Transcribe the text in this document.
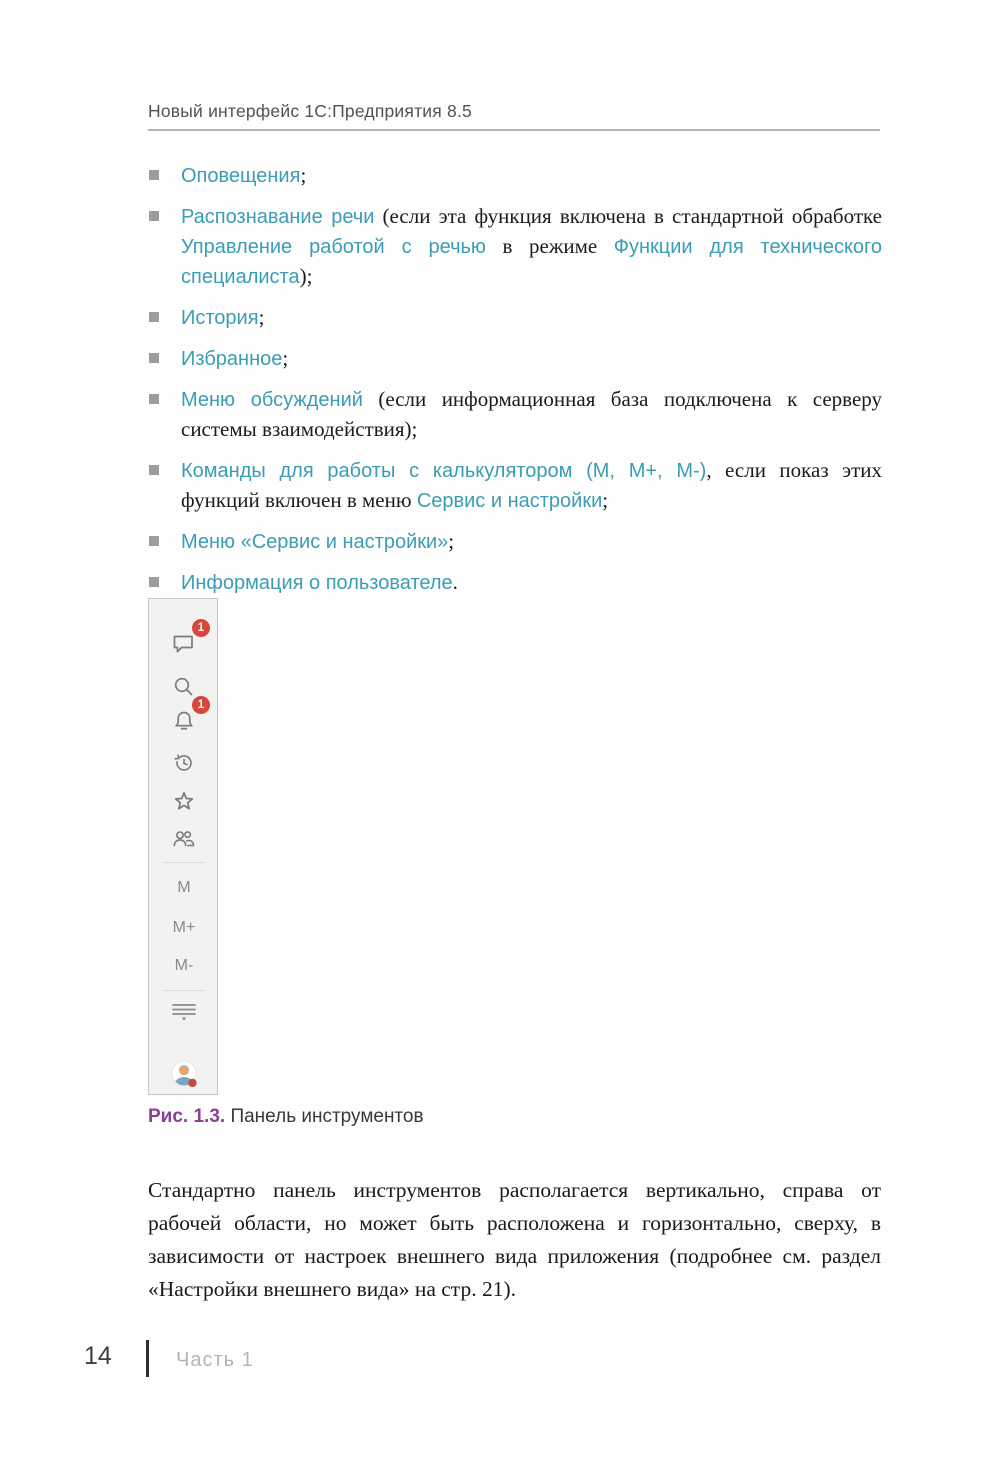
Новый интерфейс 1С:Предприятия 8.5
Оповещения;
Распознавание речи (если эта функция включена в стандартной обработке Управление работой с речью в режиме Функции для технического специалиста);
История;
Избранное;
Меню обсуждений (если информационная база подключена к серверу системы взаимодействия);
Команды для работы с калькулятором (М, М+, М-), если показ этих функций включен в меню Сервис и настройки;
Меню «Сервис и настройки»;
Информация о пользователе.
1
1
M
M+
M-
Рис. 1.3. Панель инструментов
Стандартно панель инструментов располагается вертикально, справа от рабочей области, но может быть расположена и горизонтально, сверху, в зависимости от настроек внешнего вида приложения (подробнее см. раздел «Настройки внешнего вида» на стр. 21).
14	Часть 1
